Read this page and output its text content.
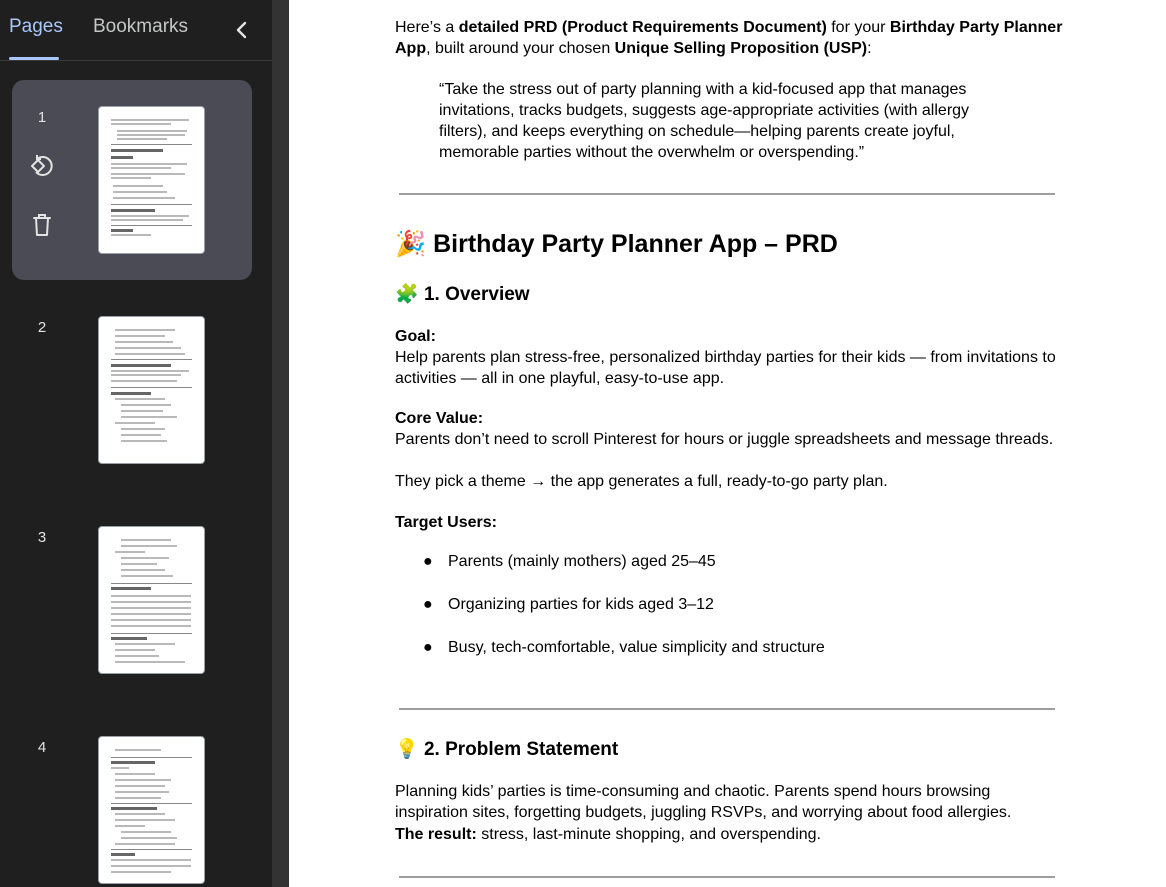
Pages Bookmarks
1
2
3
4
Here’s a detailed PRD (Product Requirements Document) for your Birthday Party Planner App, built around your chosen Unique Selling Proposition (USP):
“Take the stress out of party planning with a kid-focused app that manages invitations, tracks budgets, suggests age-appropriate activities (with allergy filters), and keeps everything on schedule—helping parents create joyful, memorable parties without the overwhelm or overspending.”
🎉 Birthday Party Planner App – PRD
🧩 1. Overview
Goal:
Help parents plan stress-free, personalized birthday parties for their kids — from invitations to activities — all in one playful, easy-to-use app.
Core Value:
Parents don’t need to scroll Pinterest for hours or juggle spreadsheets and message threads.
They pick a theme → the app generates a full, ready-to-go party plan.
Target Users:
● Parents (mainly mothers) aged 25–45
● Organizing parties for kids aged 3–12
● Busy, tech-comfortable, value simplicity and structure
💡 2. Problem Statement
Planning kids’ parties is time-consuming and chaotic. Parents spend hours browsing inspiration sites, forgetting budgets, juggling RSVPs, and worrying about food allergies.
The result: stress, last-minute shopping, and overspending.
